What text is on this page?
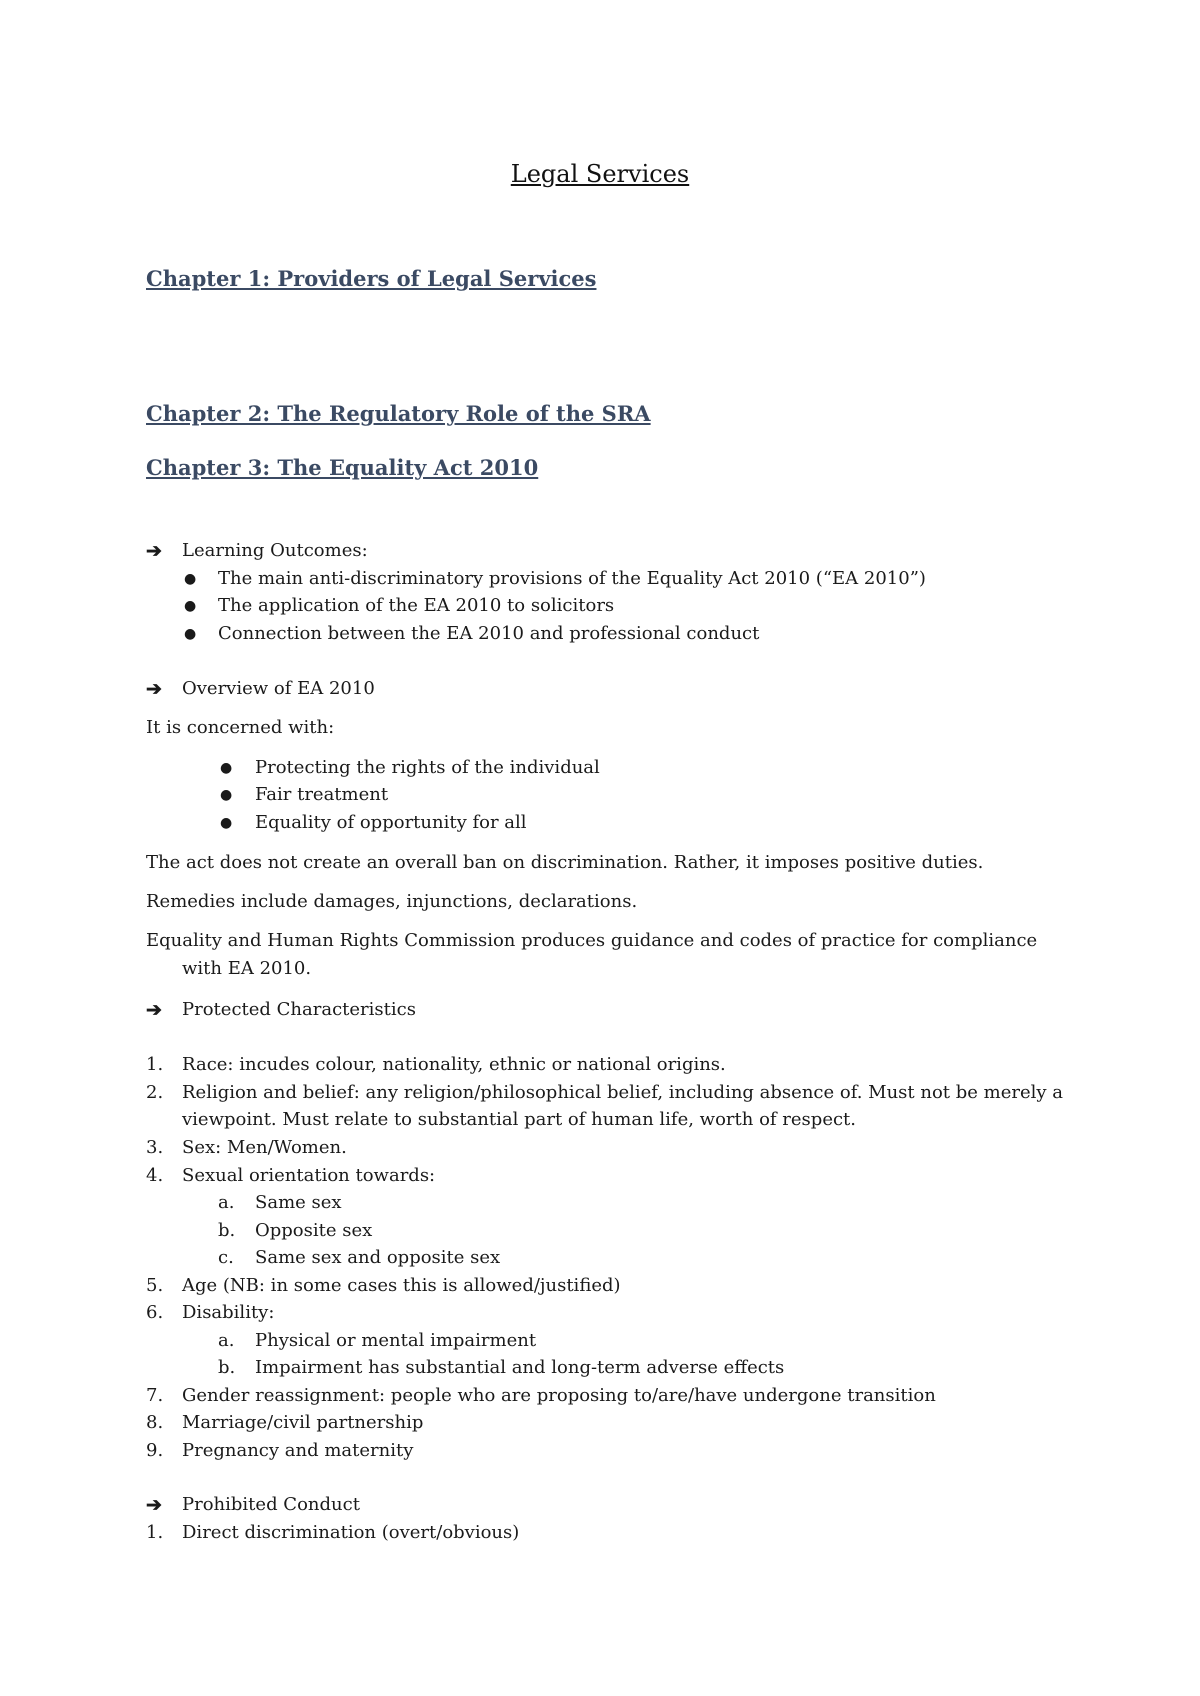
Legal Services
Chapter 1: Providers of Legal Services
Chapter 2: The Regulatory Role of the SRA
Chapter 3: The Equality Act 2010
➔ Learning Outcomes:
● The main anti-discriminatory provisions of the Equality Act 2010 (“EA 2010”)
● The application of the EA 2010 to solicitors
● Connection between the EA 2010 and professional conduct
➔ Overview of EA 2010
It is concerned with:
● Protecting the rights of the individual
● Fair treatment
● Equality of opportunity for all
The act does not create an overall ban on discrimination. Rather, it imposes positive duties.
Remedies include damages, injunctions, declarations.
Equality and Human Rights Commission produces guidance and codes of practice for compliance
with EA 2010.
➔ Protected Characteristics
1. Race: incudes colour, nationality, ethnic or national origins.
2. Religion and belief: any religion/philosophical belief, including absence of. Must not be merely a
viewpoint. Must relate to substantial part of human life, worth of respect.
3. Sex: Men/Women.
4. Sexual orientation towards:
a. Same sex
b. Opposite sex
c. Same sex and opposite sex
5. Age (NB: in some cases this is allowed/justified)
6. Disability:
a. Physical or mental impairment
b. Impairment has substantial and long-term adverse effects
7. Gender reassignment: people who are proposing to/are/have undergone transition
8. Marriage/civil partnership
9. Pregnancy and maternity
➔ Prohibited Conduct
1. Direct discrimination (overt/obvious)
